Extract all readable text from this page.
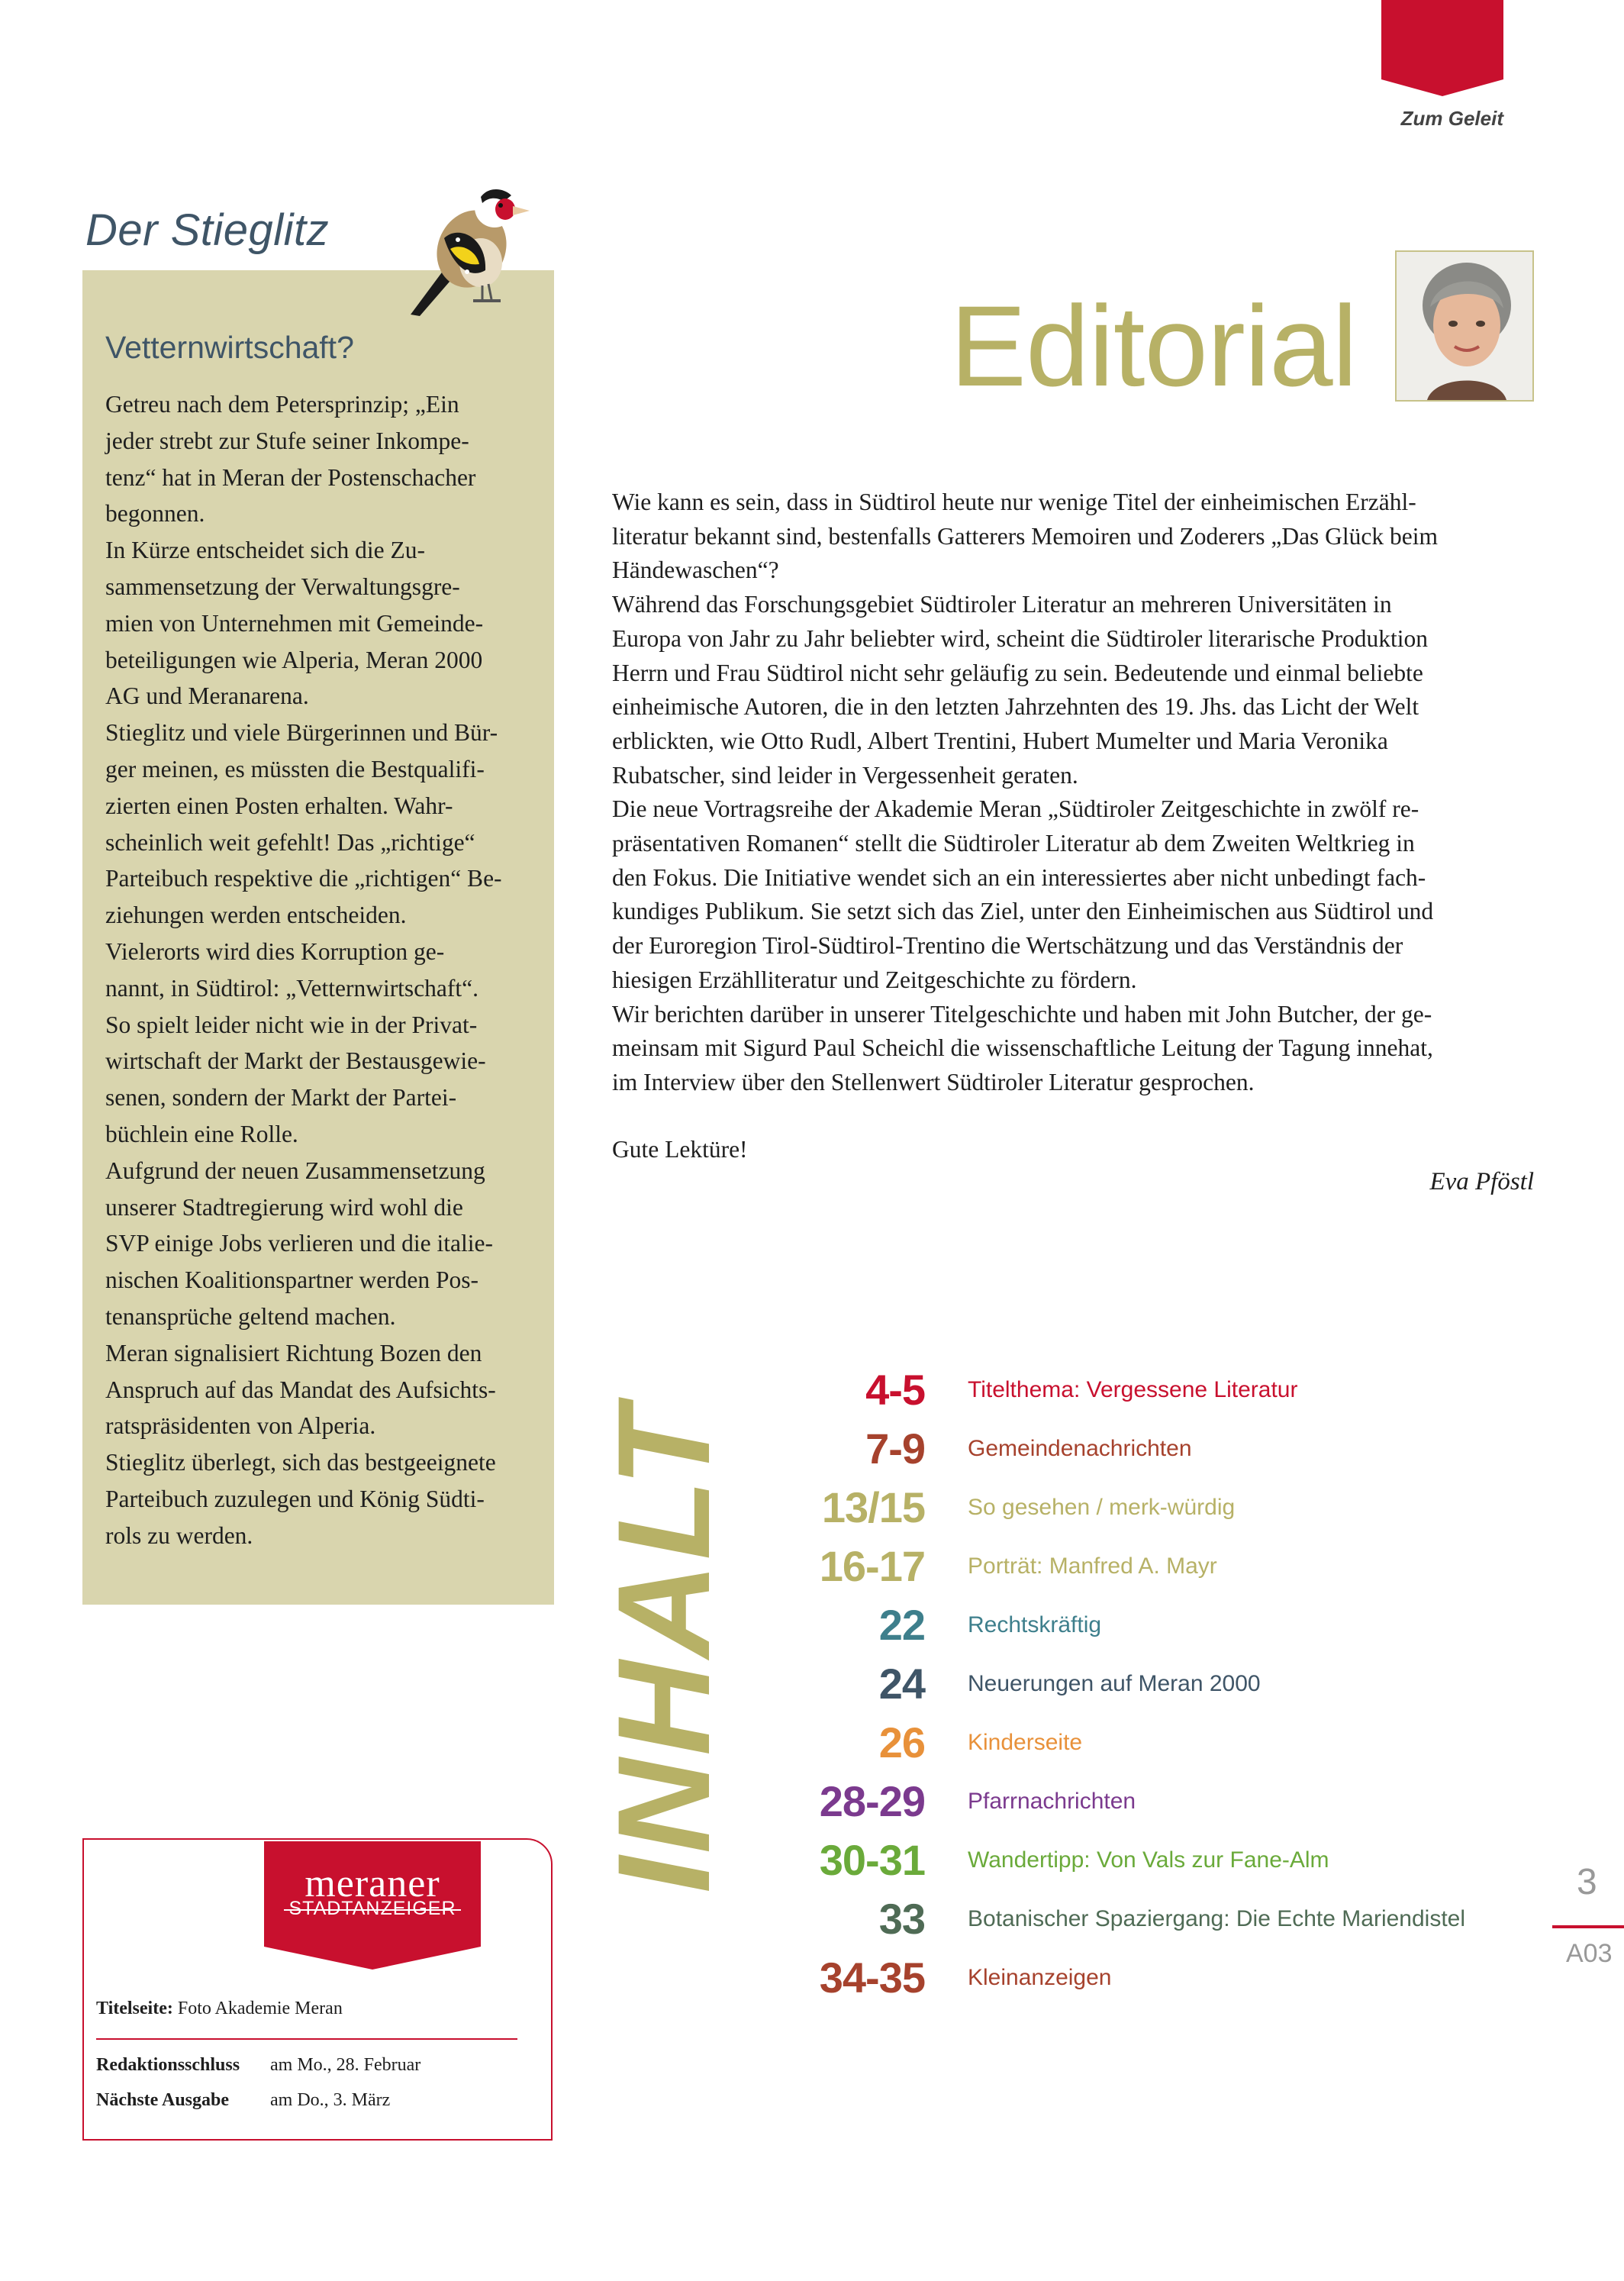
Zum Geleit
Der Stieglitz
Vetternwirtschaft?

Getreu nach dem Petersprinzip; „Ein

jeder strebt zur Stufe seiner Inkompe-

tenz“ hat in Meran der Postenschacher

begonnen.

In Kürze entscheidet sich die Zu-

sammensetzung der Verwaltungsgre-

mien von Unternehmen mit Gemeinde-

beteiligungen wie Alperia, Meran 2000

AG und Meranarena.

Stieglitz und viele Bürgerinnen und Bür-

ger meinen, es müssten die Bestqualifi-

zierten einen Posten erhalten. Wahr-

scheinlich weit gefehlt! Das „richtige“

Parteibuch respektive die „richtigen“ Be-

ziehungen werden entscheiden.

Vielerorts wird dies Korruption ge-

nannt, in Südtirol: „Vetternwirtschaft“.

So spielt leider nicht wie in der Privat-

wirtschaft der Markt der Bestausgewie-

senen, sondern der Markt der Partei-

büchlein eine Rolle.

Aufgrund der neuen Zusammensetzung

unserer Stadtregierung wird wohl die

SVP einige Jobs verlieren und die italie-

nischen Koalitionspartner werden Pos-

tenansprüche geltend machen.

Meran signalisiert Richtung Bozen den

Anspruch auf das Mandat des Aufsichts-

ratspräsidenten von Alperia.

Stieglitz überlegt, sich das bestgeeignete

Parteibuch zuzulegen und König Südti-

rols zu werden.

Editorial

Wie kann es sein, dass in Südtirol heute nur wenige Titel der einheimischen Erzähl-

literatur bekannt sind, bestenfalls Gatterers Memoiren und Zoderers „Das Glück beim

Händewaschen“?

Während das Forschungsgebiet Südtiroler Literatur an mehreren Universitäten in

Europa von Jahr zu Jahr beliebter wird, scheint die Südtiroler literarische Produktion

Herrn und Frau Südtirol nicht sehr geläufig zu sein. Bedeutende und einmal beliebte

einheimische Autoren, die in den letzten Jahrzehnten des 19. Jhs. das Licht der Welt

erblickten, wie Otto Rudl, Albert Trentini, Hubert Mumelter und Maria Veronika

Rubatscher, sind leider in Vergessenheit geraten.

Die neue Vortragsreihe der Akademie Meran „Südtiroler Zeitgeschichte in zwölf re-

präsentativen Romanen“ stellt die Südtiroler Literatur ab dem Zweiten Weltkrieg in

den Fokus. Die Initiative wendet sich an ein interessiertes aber nicht unbedingt fach-

kundiges Publikum. Sie setzt sich das Ziel, unter den Einheimischen aus Südtirol und

der Euroregion Tirol-Südtirol-Trentino die Wertschätzung und das Verständnis der

hiesigen Erzählliteratur und Zeitgeschichte zu fördern.

Wir berichten darüber in unserer Titelgeschichte und haben mit John Butcher, der ge-

meinsam mit Sigurd Paul Scheichl die wissenschaftliche Leitung der Tagung innehat,

im Interview über den Stellenwert Südtiroler Literatur gesprochen.

Gute Lektüre!
Eva Pföstl
INHALT
4-5 Titelthema: Vergessene Literatur
7-9 Gemeindenachrichten
13/15 So gesehen / merk-würdig
16-17 Porträt: Manfred A. Mayr
22 Rechtskräftig
24 Neuerungen auf Meran 2000
26 Kinderseite
28-29 Pfarrnachrichten
30-31 Wandertipp: Von Vals zur Fane-Alm
33 Botanischer Spaziergang: Die Echte Mariendistel
34-35 Kleinanzeigen
3
A03
meraner
STADTANZEIGER
Titelseite: Foto Akademie Meran
Redaktionsschluss am Mo., 28. Februar
Nächste Ausgabe am Do., 3. März
